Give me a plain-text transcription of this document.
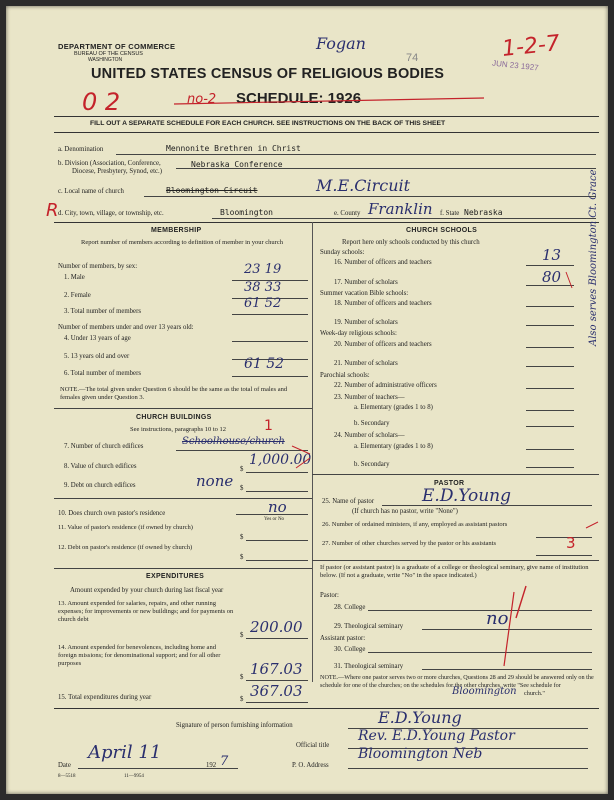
DEPARTMENT OF COMMERCE
BUREAU OF THE CENSUS
WASHINGTON
Fogan
74	1-2-7
JUN 23 1927
UNITED STATES CENSUS OF RELIGIOUS BODIES
0 2	no-2 SCHEDULE: 1926
FILL OUT A SEPARATE SCHEDULE FOR EACH CHURCH. SEE INSTRUCTIONS ON THE BACK OF THIS SHEET
a. Denomination	Mennonite Brethren in Christ
b. Division (Association, Conference,
Diocese, Presbytery, Synod, etc.)
Nebraska Conference
c. Local name of church	Bloomington Circuit	M.E.Circuit
R d. City, town, village, or township, etc.	Bloomington	e. County Franklin f. State Nebraska
MEMBERSHIP
Report number of members according to definition of member in your church
Number of members, by sex:
1. Male
23 19
2. Female
38 33
3. Total number of members
61 52
Number of members under and over 13 years old:
4. Under 13 years of age
5. 13 years old and over
6. Total number of members
61 52
NOTE.—The total given under Question 6 should be the same as the total of males and females given under Question 3.
CHURCH BUILDINGS
See instructions, paragraphs 10 to 12
7. Number of church edifices
1
Schoolhouse/church
8. Value of church edifices	$
1,000.00
9. Debt on church edifices	$
none
10. Does church own pastor's residence	no
Yes or No
11. Value of pastor's residence (if owned by church)
$
12. Debt on pastor's residence (if owned by church)
$
EXPENDITURES
Amount expended by your church during last fiscal year
13. Amount expended for salaries, repairs, and other running expenses; for improvements or new buildings; and for payments on church debt
$ 200.00
14. Amount expended for benevolences, including home and foreign missions; for denominational support; and for all other purposes
$ 167.03
15. Total expenditures during year	$ 367.03
CHURCH SCHOOLS
Report here only schools conducted by this church
Sunday schools:
16. Number of officers and teachers	13
17. Number of scholars	80
Summer vacation Bible schools:
18. Number of officers and teachers
19. Number of scholars
Week-day religious schools:
20. Number of officers and teachers
21. Number of scholars
Parochial schools:
22. Number of administrative officers
23. Number of teachers—
a. Elementary (grades 1 to 8)
b. Secondary
24. Number of scholars—
a. Elementary (grades 1 to 8)
b. Secondary
PASTOR
25. Name of pastor	E.D.Young
(If church has no pastor, write "None")
26. Number of ordained ministers, if any, employed as assistant pastors
27. Number of other churches served by the pastor or his assistants	3
If pastor (or assistant pastor) is a graduate of a college or theological seminary, give name of institution below. (If not a graduate, write "No" in the space indicated.)
Pastor:
28. College
29. Theological seminary	no
Assistant pastor:
30. College
31. Theological seminary
NOTE.—Where one pastor serves two or more churches, Questions 28 and 29 should be answered only on the schedule for one of the churches; on the schedules for the other churches, write "See schedule for
church."
Bloomington
Signature of person furnishing information	E.D.Young
Official title
Rev. E.D.Young Pastor
Date
April 11
192 7	P. O. Address
Bloomington Neb
8—5518	11—9954
Also serves Bloomington Ct. Grace
